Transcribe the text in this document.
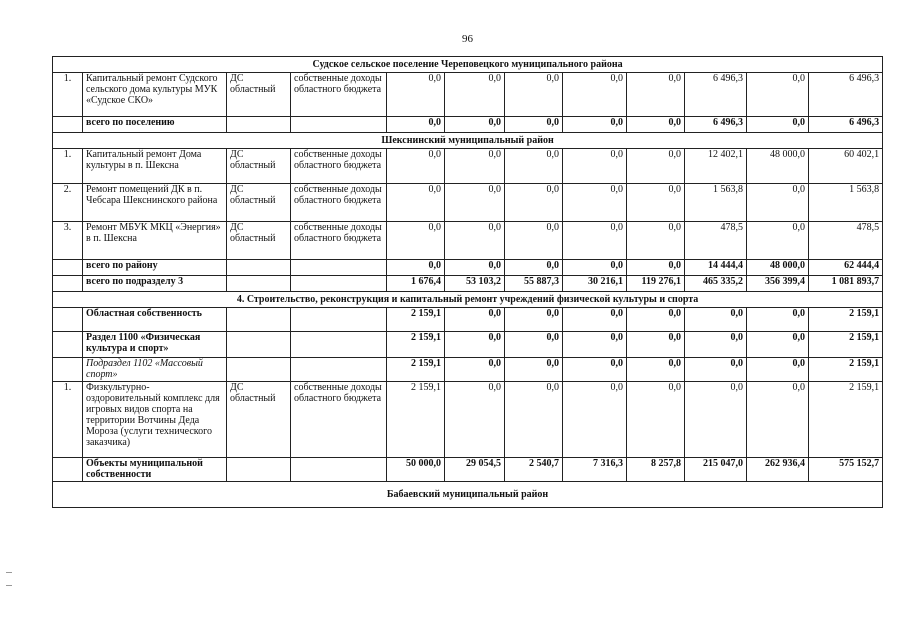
96
Судское сельское поселение Череповецкого муниципального района											
1.	Капитальный ремонт Судского сельского дома культуры МУК «Судское СКО»	ДС областный	собственные доходы областного бюджета	0,0	0,0	0,0	0,0	0,0	6 496,3	0,0	6 496,3
	всего по поселению			0,0	0,0	0,0	0,0	0,0	6 496,3	0,0	6 496,3
Шекснинский муниципальный район											
1.	Капитальный ремонт Дома культуры в п. Шексна	ДС областный	собственные доходы областного бюджета	0,0	0,0	0,0	0,0	0,0	12 402,1	48 000,0	60 402,1
2.	Ремонт помещений ДК в п. Чебсара Шекснинского района	ДС областный	собственные доходы областного бюджета	0,0	0,0	0,0	0,0	0,0	1 563,8	0,0	1 563,8
3.	Ремонт МБУК МКЦ «Энергия» в п. Шексна	ДС областный	собственные доходы областного бюджета	0,0	0,0	0,0	0,0	0,0	478,5	0,0	478,5
	всего по району			0,0	0,0	0,0	0,0	0,0	14 444,4	48 000,0	62 444,4
	всего по подразделу 3			1 676,4	53 103,2	55 887,3	30 216,1	119 276,1	465 335,2	356 399,4	1 081 893,7
4. Строительство, реконструкция и капитальный ремонт учреждений физической культуры и спорта											
	Областная собственность			2 159,1	0,0	0,0	0,0	0,0	0,0	0,0	2 159,1
	Раздел 1100 «Физическая культура и спорт»			2 159,1	0,0	0,0	0,0	0,0	0,0	0,0	2 159,1
	Подраздел 1102 «Массовый спорт»			2 159,1	0,0	0,0	0,0	0,0	0,0	0,0	2 159,1
1.	Физкультурно-оздоровительный комплекс для игровых видов спорта на территории Вотчины Деда Мороза (услуги технического заказчика)	ДС областный	собственные доходы областного бюджета	2 159,1	0,0	0,0	0,0	0,0	0,0	0,0	2 159,1
	Объекты муниципальной собственности			50 000,0	29 054,5	2 540,7	7 316,3	8 257,8	215 047,0	262 936,4	575 152,7
Бабаевский муниципальный район											
